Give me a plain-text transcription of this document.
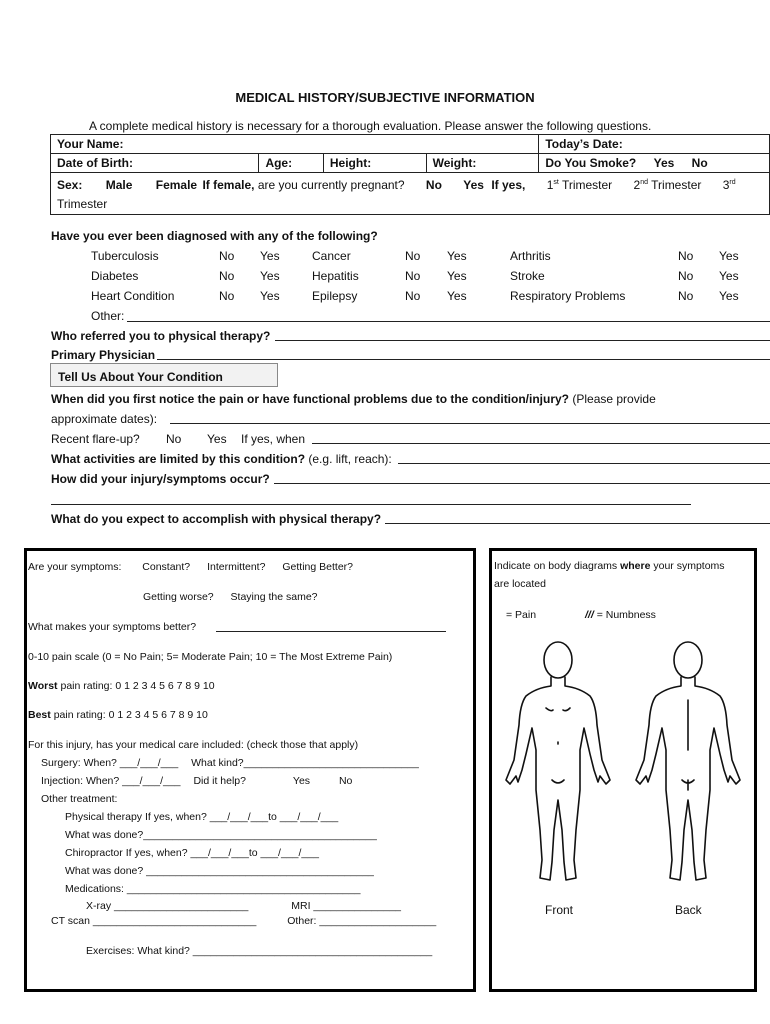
MEDICAL HISTORY/SUBJECTIVE INFORMATION
A complete medical history is necessary for a thorough evaluation. Please answer the following questions.
Your Name:				Today’s Date:
Date of Birth:	Age:	Height:	Weight:	Do You Smoke? Yes No
Sex: Male Female If female, are you currently pregnant? No Yes If yes, 1st Trimester 2nd Trimester 3rd
Trimester				
Have you ever been diagnosed with any of the following?
Tuberculosis	No Yes	Cancer	No Yes	Arthritis	No Yes
Diabetes	No Yes	Hepatitis	No Yes	Stroke	No Yes
Heart Condition	No Yes	Epilepsy	No Yes	Respiratory Problems	No Yes
Other:
Who referred you to physical therapy?
Primary Physician
Tell Us About Your Condition
When did you first notice the pain or have functional problems due to the condition/injury? (Please provide
approximate dates):
Recent flare-up? No Yes If yes, when
What activities are limited by this condition? (e.g. lift, reach):
How did your injury/symptoms occur?
What do you expect to accomplish with physical therapy?
Are your symptoms: Constant? Intermittent? Getting Better?
Getting worse? Staying the same?
What makes your symptoms better?
0-10 pain scale (0 = No Pain; 5= Moderate Pain; 10 = The Most Extreme Pain)
Worst pain rating: 0 1 2 3 4 5 6 7 8 9 10
Best pain rating: 0 1 2 3 4 5 6 7 8 9 10
For this injury, has your medical care included: (check those that apply)
Surgery: When? ___/___/___ What kind?______________________________
Injection: When? ___/___/___ Did it help?	Yes	No
Other treatment:
Physical therapy If yes, when? ___/___/___to ___/___/___
What was done?________________________________________
Chiropractor If yes, when? ___/___/___to ___/___/___
What was done? _______________________________________
Medications: ________________________________________
X-ray _______________________	MRI _______________
CT scan ____________________________	Other: ____________________
Exercises: What kind? _________________________________________
Indicate on body diagrams where your symptoms
are located
= Pain	/// = Numbness
Front	Back
